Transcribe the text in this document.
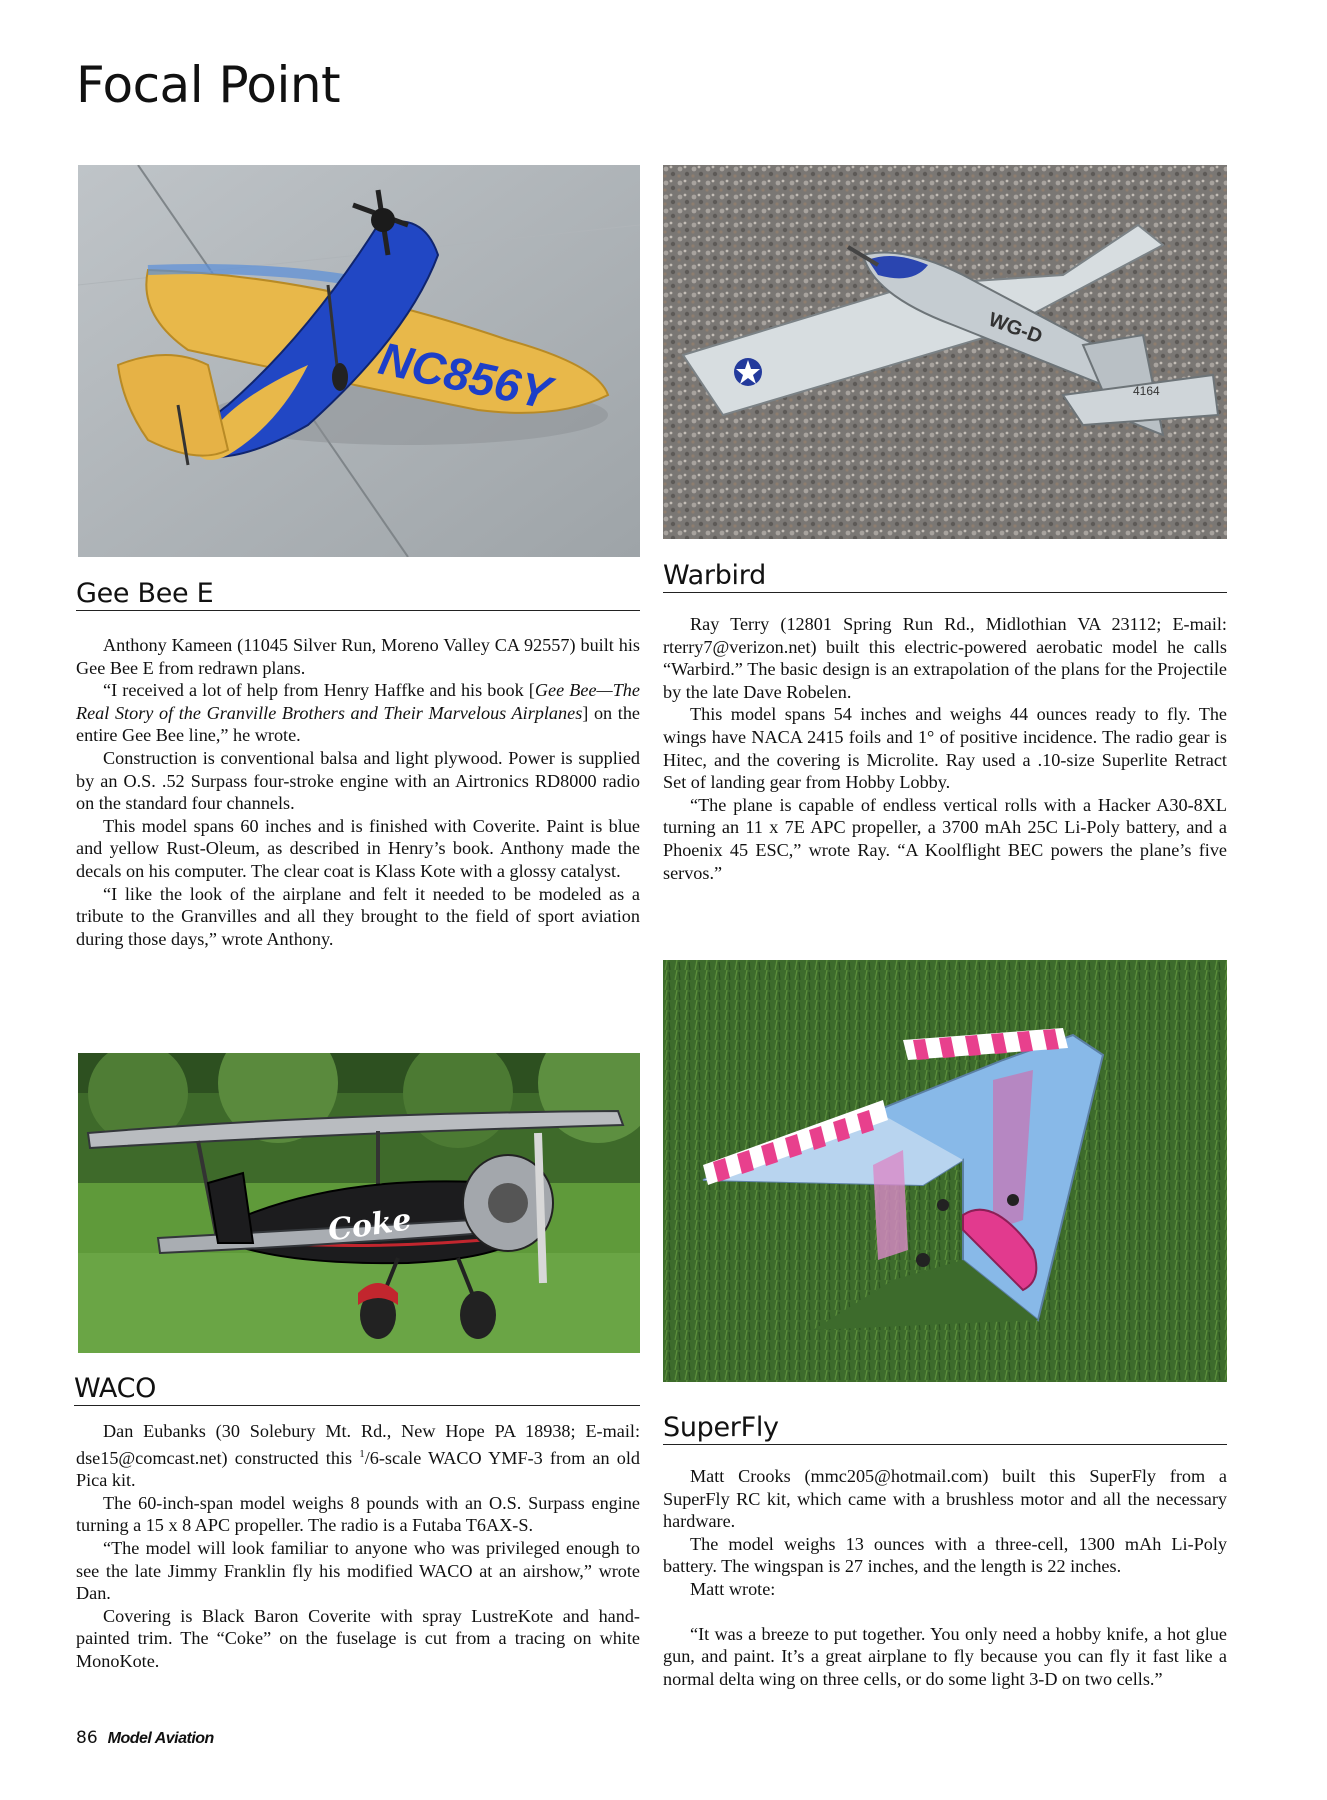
Focal Point
NC856Y
WG-D
4164
Coke
Gee Bee E
Warbird
WACO
SuperFly

Anthony Kameen (11045 Silver Run, Moreno Valley CA 92557) built his Gee Bee E from redrawn plans.

“I received a lot of help from Henry Haffke and his book [Gee Bee—The Real Story of the Granville Brothers and Their Marvelous Airplanes] on the entire Gee Bee line,” he wrote.

Construction is conventional balsa and light plywood. Power is supplied by an O.S. .52 Surpass four-stroke engine with an Airtronics RD8000 radio on the standard four channels.

This model spans 60 inches and is finished with Coverite. Paint is blue and yellow Rust-Oleum, as described in Henry’s book. Anthony made the decals on his computer. The clear coat is Klass Kote with a glossy catalyst.

“I like the look of the airplane and felt it needed to be modeled as a tribute to the Granvilles and all they brought to the field of sport aviation during those days,” wrote Anthony.

Ray Terry (12801 Spring Run Rd., Midlothian VA 23112; E-mail: rterry7@verizon.net) built this electric-powered aerobatic model he calls “Warbird.” The basic design is an extrapolation of the plans for the Projectile by the late Dave Robelen.

This model spans 54 inches and weighs 44 ounces ready to fly. The wings have NACA 2415 foils and 1° of positive incidence. The radio gear is Hitec, and the covering is Microlite. Ray used a .10-size Superlite Retract Set of landing gear from Hobby Lobby.

“The plane is capable of endless vertical rolls with a Hacker A30-8XL turning an 11 x 7E APC propeller, a 3700 mAh 25C Li-Poly battery, and a Phoenix 45 ESC,” wrote Ray. “A Koolflight BEC powers the plane’s five servos.”

Dan Eubanks (30 Solebury Mt. Rd., New Hope PA 18938; E-mail: dse15@comcast.net) constructed this $^1$/6-scale WACO YMF-3 from an old Pica kit.

The 60-inch-span model weighs 8 pounds with an O.S. Surpass engine turning a 15 x 8 APC propeller. The radio is a Futaba T6AX-S.

“The model will look familiar to anyone who was privileged enough to see the late Jimmy Franklin fly his modified WACO at an airshow,” wrote Dan.

Covering is Black Baron Coverite with spray LustreKote and hand-painted trim. The “Coke” on the fuselage is cut from a tracing on white MonoKote.

Matt Crooks (mmc205@hotmail.com) built this SuperFly from a SuperFly RC kit, which came with a brushless motor and all the necessary hardware.

The model weighs 13 ounces with a three-cell, 1300 mAh Li-Poly battery. The wingspan is 27 inches, and the length is 22 inches.

Matt wrote:

“It was a breeze to put together. You only need a hobby knife, a hot glue gun, and paint. It’s a great airplane to fly because you can fly it fast like a normal delta wing on three cells, or do some light 3-D on two cells.”

86 Model Aviation
